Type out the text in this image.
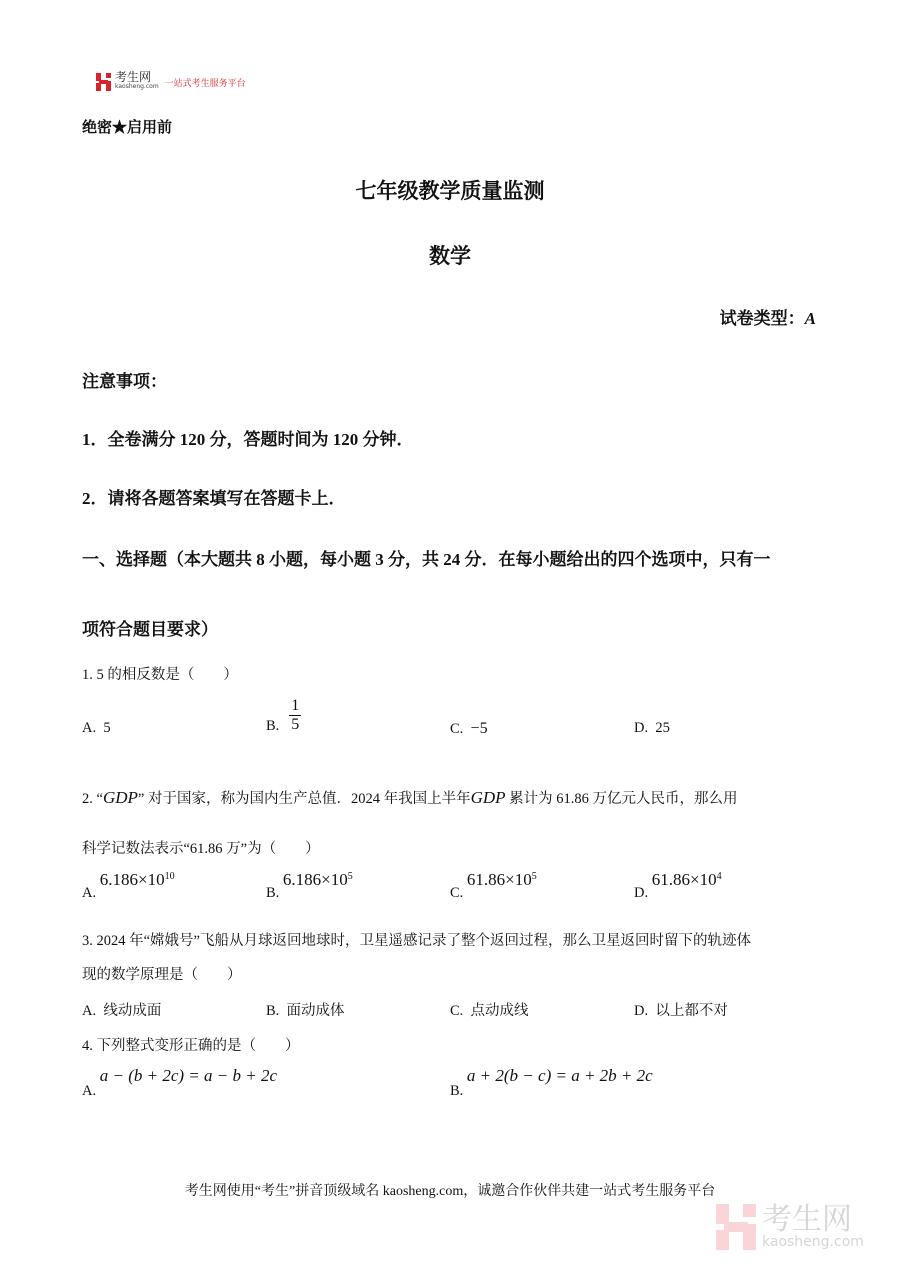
考生网
kaosheng.com 一站式考生服务平台
绝密★启用前
七年级教学质量监测
数学
试卷类型：A
注意事项：
1．全卷满分 120 分，答题时间为 120 分钟．
2．请将各题答案填写在答题卡上．
一、选择题（本大题共 8 小题，每小题 3 分，共 24 分．在每小题给出的四个选项中，只有一
项符合题目要求）
1. 5 的相反数是（　　）
A. 5	B. $\frac{1}{5}$	C. −5	D. 25
2. “GDP” 对于国家，称为国内生产总值．2024 年我国上半年GDP 累计为 61.86 万亿元人民币，那么用
科学记数法表示“61.86 万”为（　　）
A. $6.186\times 10^{10}$
B. $6.186\times 10^5$
C. $61.86\times 10^5$
D. $61.86\times 10^4$
3. 2024 年“嫦娥号”飞船从月球返回地球时，卫星遥感记录了整个返回过程，那么卫星返回时留下的轨迹体
现的数学原理是（　　）
A. 线动成面	B. 面动成体	C. 点动成线	D. 以上都不对
4. 下列整式变形正确的是（　　）
A. a − (b + 2c) = a − b + 2c
B. a + 2(b − c) = a + 2b + 2c
考生网使用“考生”拼音顶级域名 kaosheng.com，诚邀合作伙伴共建一站式考生服务平台
考生网
kaosheng.com
